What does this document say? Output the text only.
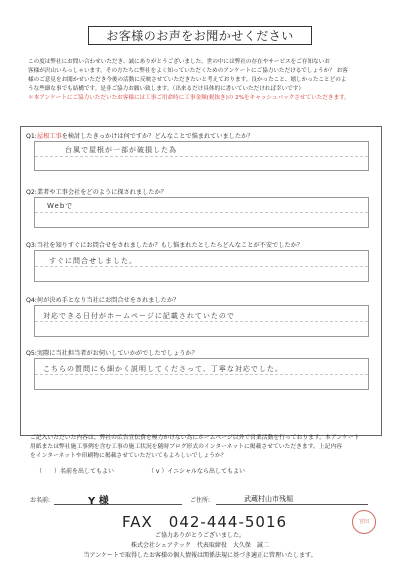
お客様のお声をお聞かせください
この度は弊社にお問い合わせいただき、誠にありがとうございました。世の中には弊社の存在やサービスをご存知ないお
客様が沢山いらっしゃいます。その方たちに弊社をよく知っていただくためのアンケートにご協力いただけるでしょうか？ お客
様のご意見をお聞かせいただき今後の活動に反映させていただきたいと考えております。良かったこと、嬉しかったことどのよ
うな些細な事でも結構です。是非ご協力お願い致します。（出来るだけ具体的に書いていただければ幸いです）
＊本アンケートにご協力いただいたお客様には工事ご用命時に工事金額(税抜き)の 2%をキャッシュバックさせていただきます。
Q1:屋根工事を検討したきっかけは何ですか？どんなことで悩まれていましたか？
台風で屋根が一部が破損した為
Q2:業者や工事会社をどのように探されましたか？
Webで
Q3:当社を知りすぐにお問合せをされましたか？もし悩まれたとしたらどんなことが不安でしたか？
すぐに問合せしました。
Q4:何が決め手となり当社にお問合せをされましたか？
対応できる日付がホームページに記載されていたので
Q5:実際に当社担当者がお伺いしていかがでしたでしょうか？
こちらの質問にも細かく説明してくださって、丁寧な対応でした。
ご記入いただいた内容は、弊社の広告宣伝費を極力かけない為にホームページ以外で営業活動を行っております。本アンケート
用紙または弊社施工事例を含む工事の施工状況を随時ブログ形式のインターネットに掲載させていただきます。上記内容
をインターネットや印刷物に掲載させていただいてもよろしいでしょうか？
（　　）名前を出してもよい	（ v ）イニシャルなら出してもよい
お名前:	Y 様	ご住所:	武蔵村山市残堀
FAX　042-444-5016	宮田
ご協力ありがとうございました。
株式会社シェアテック　代表取締役　大久保　誠二
当アンケートで取得したお客様の個人情報は関係法規に基づき適正に管理いたします。
